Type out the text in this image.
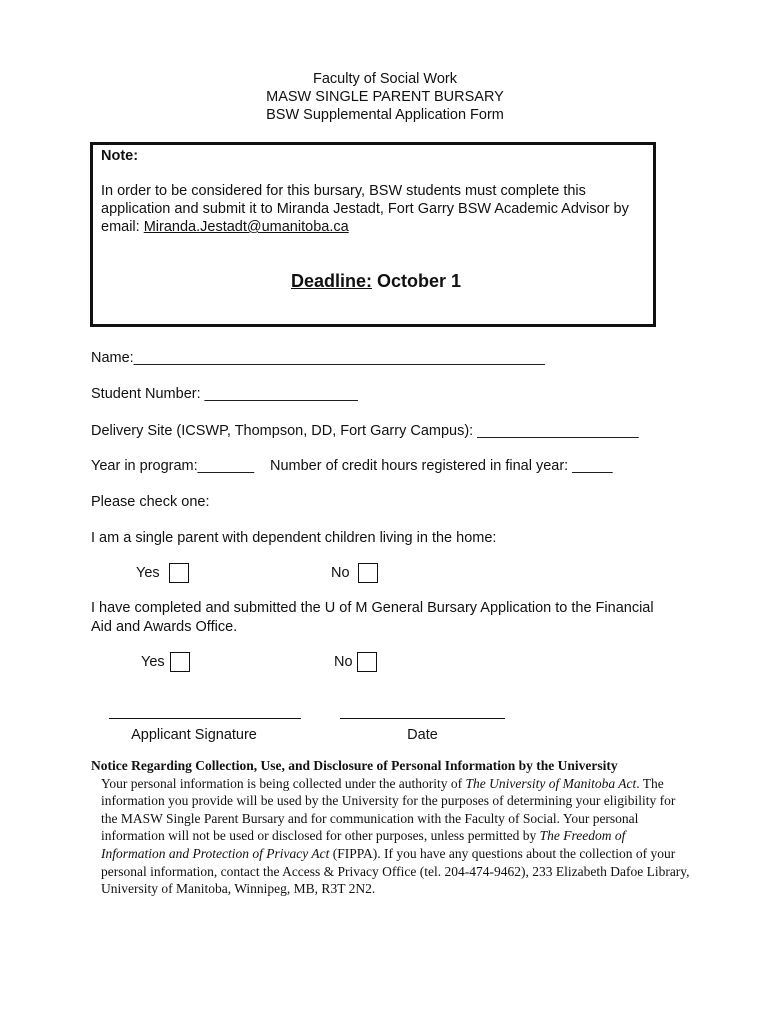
Faculty of Social Work
MASW SINGLE PARENT BURSARY
BSW Supplemental Application Form
Note:
In order to be considered for this bursary, BSW students must complete this application and submit it to Miranda Jestadt, Fort Garry BSW Academic Advisor by email: Miranda.Jestadt@umanitoba.ca
Deadline: October 1
Name:___________________________________________________
Student Number: ___________________
Delivery Site (ICSWP, Thompson, DD, Fort Garry Campus): ____________________
Year in program:_______ Number of credit hours registered in final year: _____
Please check one:
I am a single parent with dependent children living in the home:
Yes	No
I have completed and submitted the U of M General Bursary Application to the Financial
Aid and Awards Office.
Yes	No
Applicant Signature	Date
Notice Regarding Collection, Use, and Disclosure of Personal Information by the University
Your personal information is being collected under the authority of The University of Manitoba Act. The information you provide will be used by the University for the purposes of determining your eligibility for the MASW Single Parent Bursary and for communication with the Faculty of Social. Your personal information will not be used or disclosed for other purposes, unless permitted by The Freedom of Information and Protection of Privacy Act (FIPPA). If you have any questions about the collection of your personal information, contact the Access & Privacy Office (tel. 204-474-9462), 233 Elizabeth Dafoe Library, University of Manitoba, Winnipeg, MB, R3T 2N2.
